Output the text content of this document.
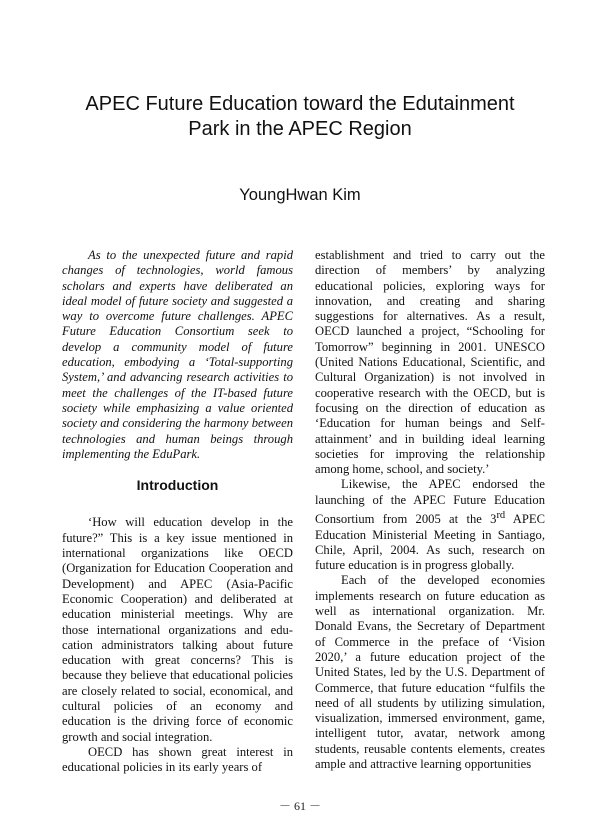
APEC Future Education toward the Edutainment
Park in the APEC Region
YoungHwan Kim

As to the unexpected future and rapid changes of technologies, world famous scholars and experts have deliberated an ideal model of future society and suggested a way to overcome future challenges. APEC Future Education Consortium seek to develop a community model of future education, embodying a ‘Total-supporting System,’ and advancing research activities to meet the challenges of the IT-based future society while emphasizing a value oriented society and considering the harmony between technologies and human beings through implementing the EduPark.

Introduction

‘How will education develop in the future?” This is a key issue mentioned in international organizations like OECD (Organization for Education Cooperation and Development) and APEC (Asia-Pacific Economic Cooperation) and deliberated at education ministerial meetings. Why are those international organizations and edu-cation administrators talking about future education with great concerns? This is because they believe that educational policies are closely related to social, economical, and cultural policies of an economy and education is the driving force of economic growth and social integration.

OECD has shown great interest in educational policies in its early years of

establishment and tried to carry out the direction of members’ by analyzing educational policies, exploring ways for innovation, and creating and sharing suggestions for alternatives. As a result, OECD launched a project, “Schooling for Tomorrow” beginning in 2001. UNESCO (United Nations Educational, Scientific, and Cultural Organization) is not involved in cooperative research with the OECD, but is focusing on the direction of education as ‘Education for human beings and Self-attainment’ and in building ideal learning societies for improving the relationship among home, school, and society.’

Likewise, the APEC endorsed the launching of the APEC Future Education Consortium from 2005 at the 3rd APEC Education Ministerial Meeting in Santiago, Chile, April, 2004. As such, research on future education is in progress globally.

Each of the developed economies implements research on future education as well as international organization. Mr. Donald Evans, the Secretary of Department of Commerce in the preface of ‘Vision 2020,’ a future education project of the United States, led by the U.S. Department of Commerce, that future education “fulfils the need of all students by utilizing simulation, visualization, immersed environment, game, intelligent tutor, avatar, network among students, reusable contents elements, creates ample and attractive learning opportunities

－ 61 －
